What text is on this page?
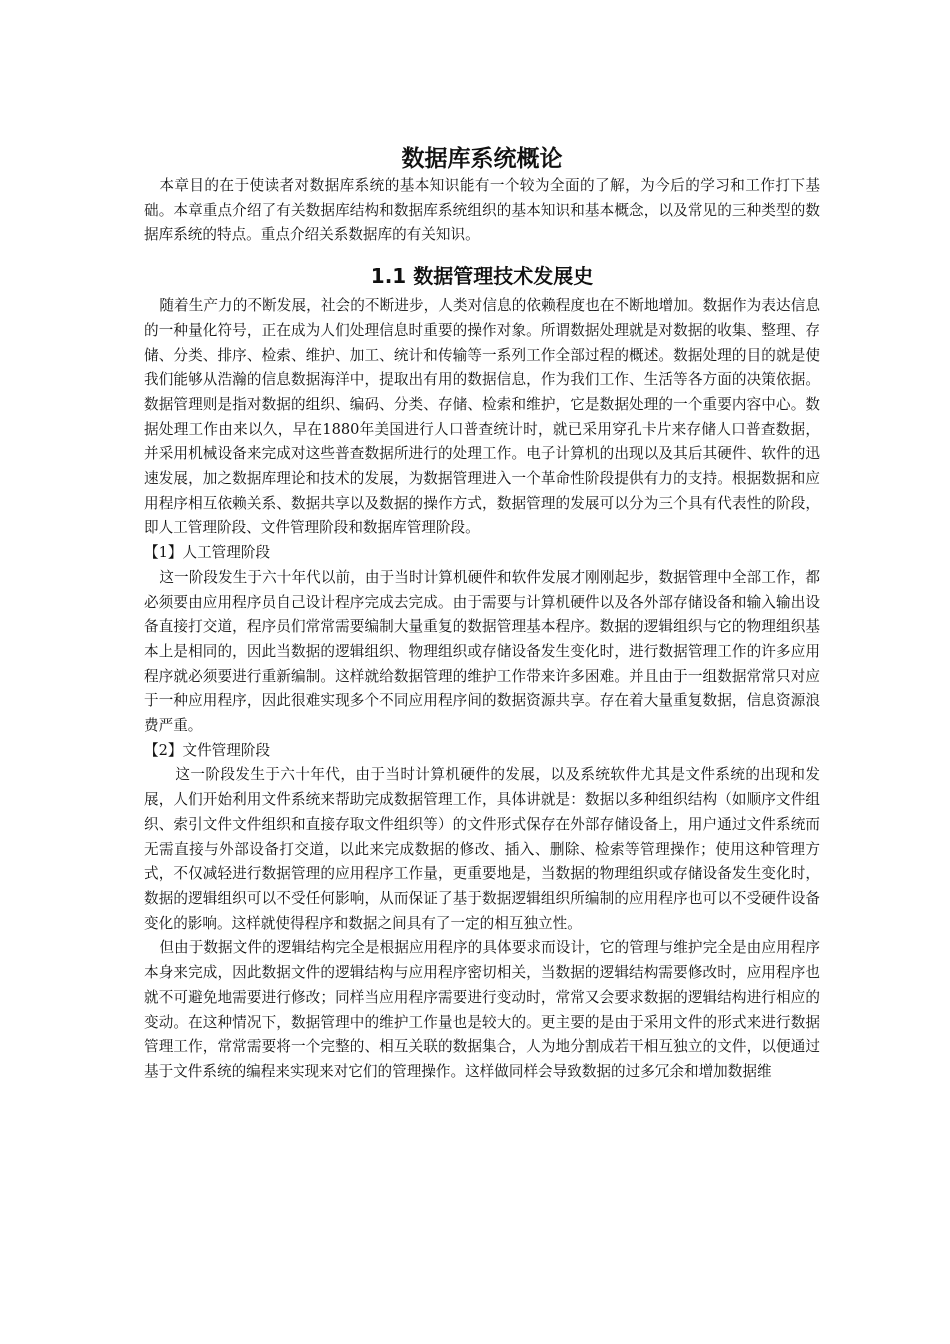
数据库系统概论

本章目的在于使读者对数据库系统的基本知识能有一个较为全面的了解，为今后的学习和工作打下基础。本章重点介绍了有关数据库结构和数据库系统组织的基本知识和基本概念，以及常见的三种类型的数据库系统的特点。重点介绍关系数据库的有关知识。

1.1 数据管理技术发展史

随着生产力的不断发展，社会的不断进步，人类对信息的依赖程度也在不断地增加。数据作为表达信息的一种量化符号，正在成为人们处理信息时重要的操作对象。所谓数据处理就是对数据的收集、整理、存储、分类、排序、检索、维护、加工、统计和传输等一系列工作全部过程的概述。数据处理的目的就是使我们能够从浩瀚的信息数据海洋中，提取出有用的数据信息，作为我们工作、生活等各方面的决策依据。数据管理则是指对数据的组织、编码、分类、存储、检索和维护，它是数据处理的一个重要内容中心。数据处理工作由来以久，早在1880年美国进行人口普查统计时，就已采用穿孔卡片来存储人口普查数据，并采用机械设备来完成对这些普查数据所进行的处理工作。电子计算机的出现以及其后其硬件、软件的迅速发展，加之数据库理论和技术的发展，为数据管理进入一个革命性阶段提供有力的支持。根据数据和应用程序相互依赖关系、数据共享以及数据的操作方式，数据管理的发展可以分为三个具有代表性的阶段，即人工管理阶段、文件管理阶段和数据库管理阶段。

【1】人工管理阶段

这一阶段发生于六十年代以前，由于当时计算机硬件和软件发展才刚刚起步，数据管理中全部工作，都必须要由应用程序员自己设计程序完成去完成。由于需要与计算机硬件以及各外部存储设备和输入输出设备直接打交道，程序员们常常需要编制大量重复的数据管理基本程序。数据的逻辑组织与它的物理组织基本上是相同的，因此当数据的逻辑组织、物理组织或存储设备发生变化时，进行数据管理工作的许多应用程序就必须要进行重新编制。这样就给数据管理的维护工作带来许多困难。并且由于一组数据常常只对应于一种应用程序，因此很难实现多个不同应用程序间的数据资源共享。存在着大量重复数据，信息资源浪费严重。

【2】文件管理阶段

这一阶段发生于六十年代，由于当时计算机硬件的发展，以及系统软件尤其是文件系统的出现和发展，人们开始利用文件系统来帮助完成数据管理工作，具体讲就是：数据以多种组织结构（如顺序文件组织、索引文件文件组织和直接存取文件组织等）的文件形式保存在外部存储设备上，用户通过文件系统而无需直接与外部设备打交道，以此来完成数据的修改、插入、删除、检索等管理操作；使用这种管理方式，不仅减轻进行数据管理的应用程序工作量，更重要地是，当数据的物理组织或存储设备发生变化时，数据的逻辑组织可以不受任何影响，从而保证了基于数据逻辑组织所编制的应用程序也可以不受硬件设备变化的影响。这样就使得程序和数据之间具有了一定的相互独立性。

但由于数据文件的逻辑结构完全是根据应用程序的具体要求而设计，它的管理与维护完全是由应用程序本身来完成，因此数据文件的逻辑结构与应用程序密切相关，当数据的逻辑结构需要修改时，应用程序也就不可避免地需要进行修改；同样当应用程序需要进行变动时，常常又会要求数据的逻辑结构进行相应的变动。在这种情况下，数据管理中的维护工作量也是较大的。更主要的是由于采用文件的形式来进行数据管理工作，常常需要将一个完整的、相互关联的数据集合，人为地分割成若干相互独立的文件，以便通过基于文件系统的编程来实现来对它们的管理操作。这样做同样会导致数据的过多冗余和增加数据维
